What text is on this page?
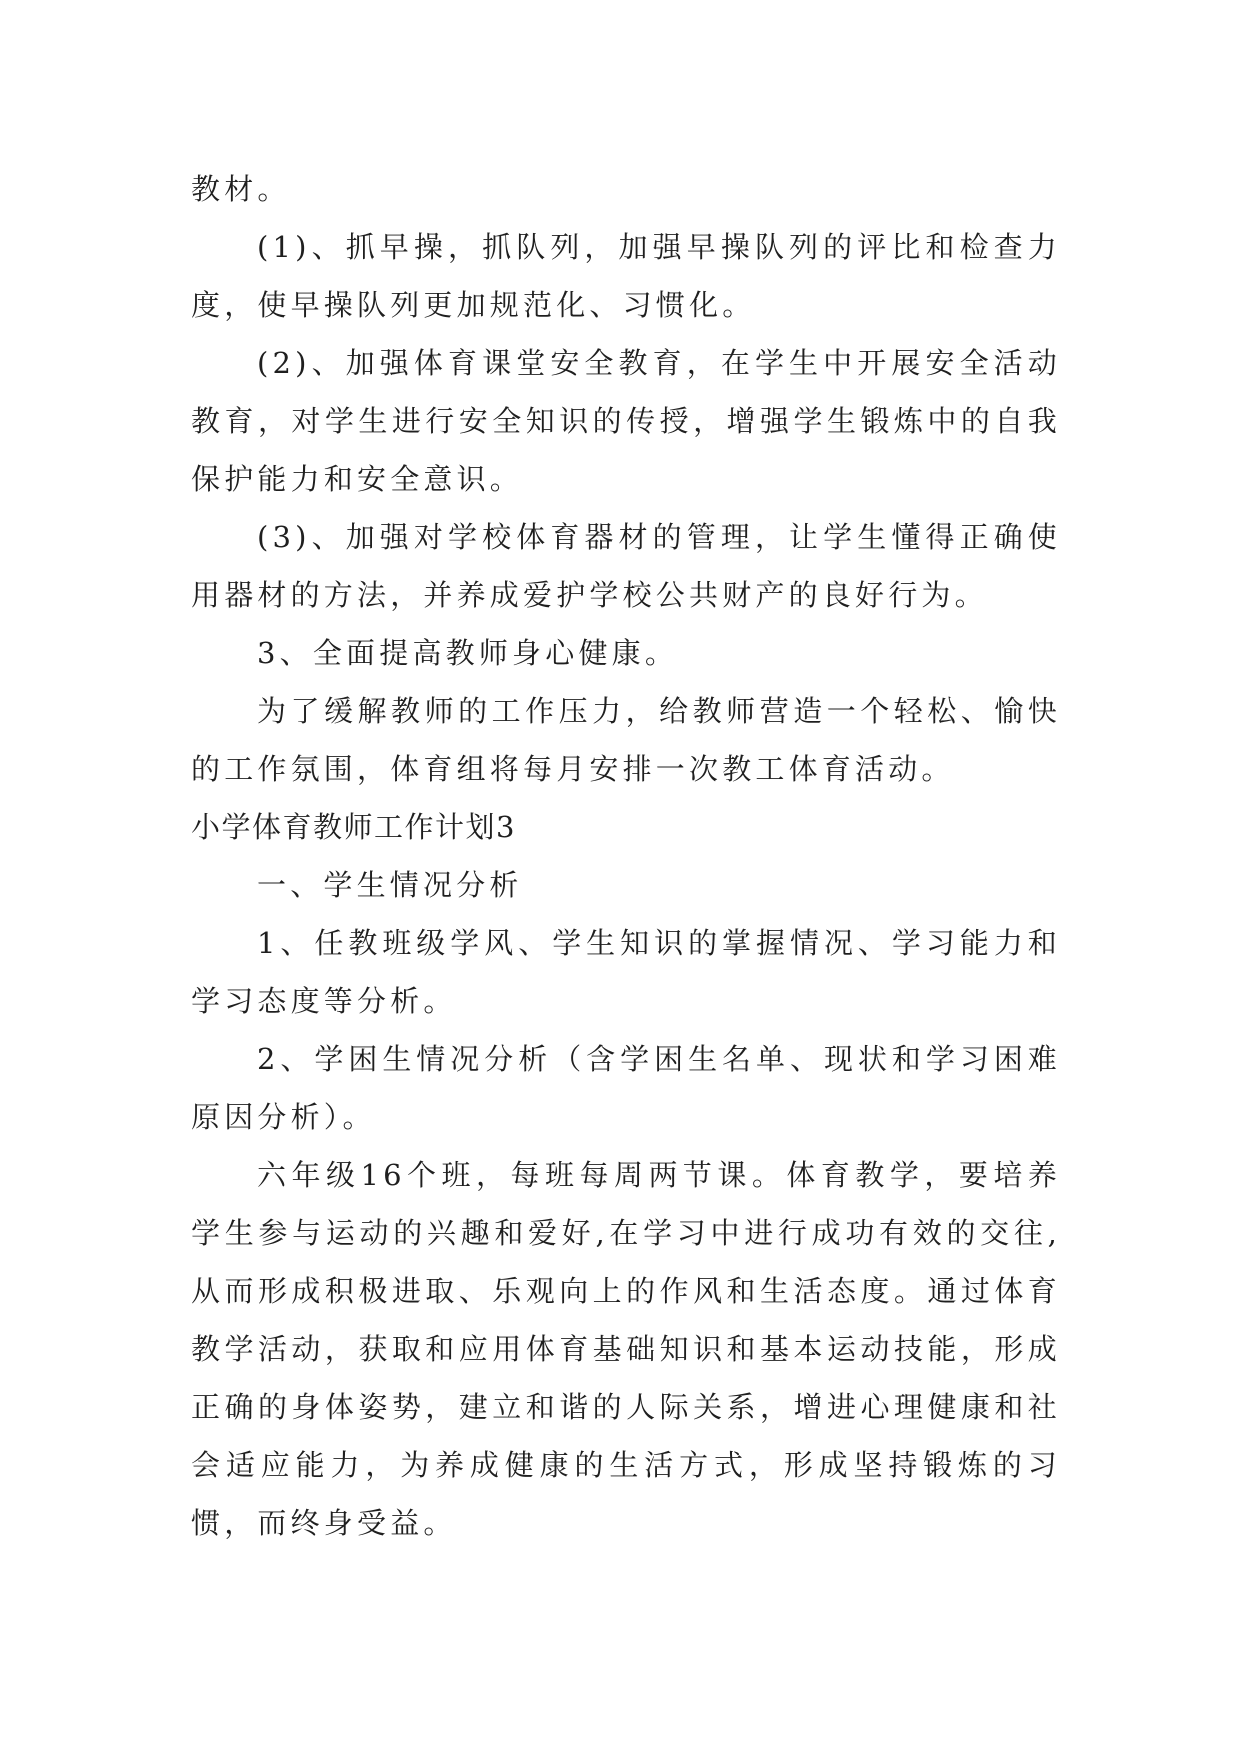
教材。

(1)、抓早操，抓队列，加强早操队列的评比和检查力度，使早操队列更加规范化、习惯化。

(2)、加强体育课堂安全教育，在学生中开展安全活动教育，对学生进行安全知识的传授，增强学生锻炼中的自我保护能力和安全意识。

(3)、加强对学校体育器材的管理，让学生懂得正确使用器材的方法，并养成爱护学校公共财产的良好行为。

3、全面提高教师身心健康。

为了缓解教师的工作压力，给教师营造一个轻松、愉快的工作氛围，体育组将每月安排一次教工体育活动。

小学体育教师工作计划3

一、学生情况分析

1、任教班级学风、学生知识的掌握情况、学习能力和学习态度等分析。

2、学困生情况分析（含学困生名单、现状和学习困难原因分析）。

六年级16个班，每班每周两节课。体育教学，要培养学生参与运动的兴趣和爱好,在学习中进行成功有效的交往,从而形成积极进取、乐观向上的作风和生活态度。通过体育教学活动，获取和应用体育基础知识和基本运动技能，形成正确的身体姿势，建立和谐的人际关系，增进心理健康和社会适应能力，为养成健康的生活方式，形成坚持锻炼的习惯，而终身受益。
